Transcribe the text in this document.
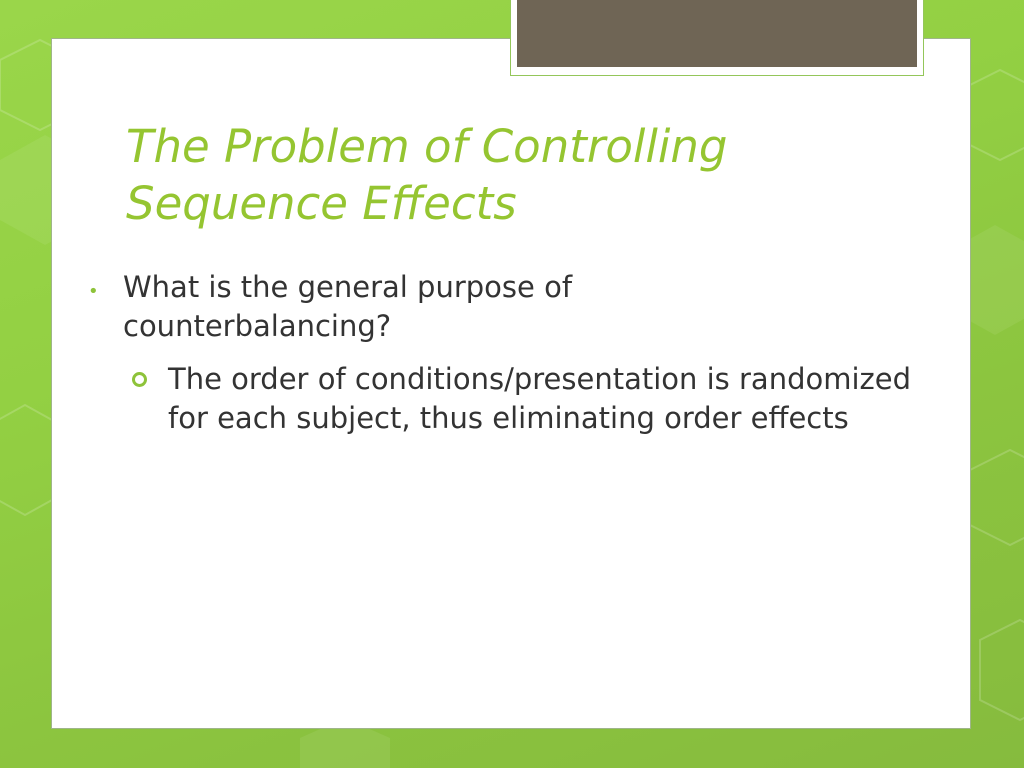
The Problem of Controlling
Sequence Effects
• What is the general purpose of counterbalancing?
The order of conditions/presentation is randomized for each subject, thus eliminating order effects
